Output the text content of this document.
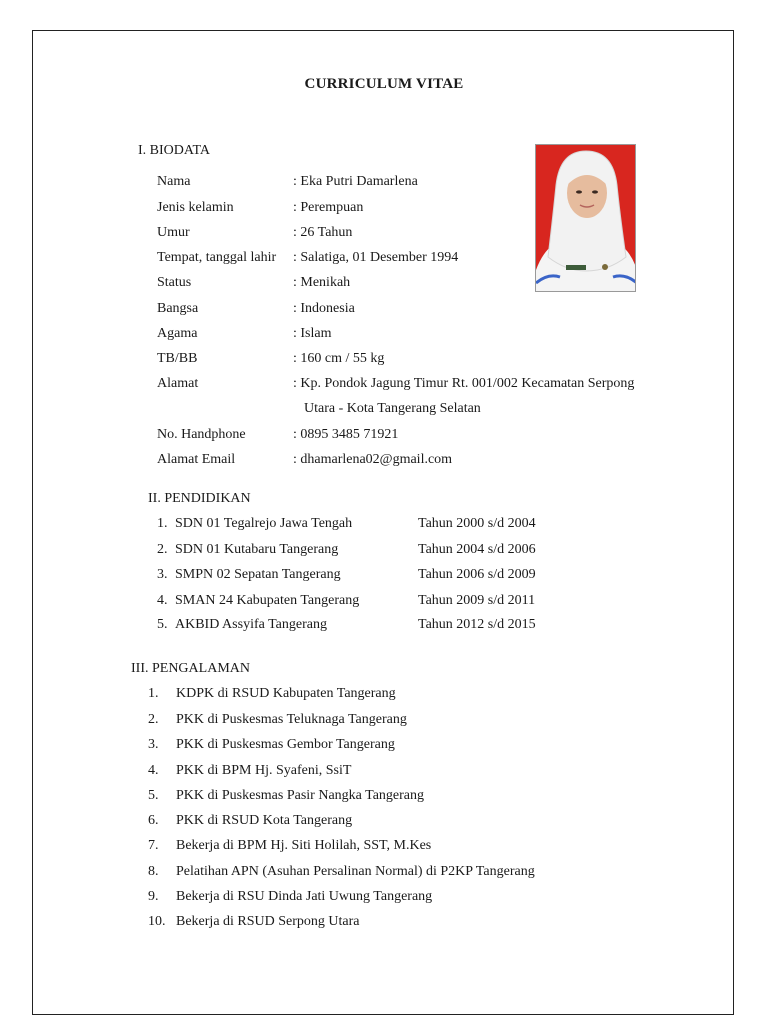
CURRICULUM VITAE
I. BIODATA
Nama	: Eka Putri Damarlena
Jenis kelamin	: Perempuan
Umur	: 26 Tahun
Tempat, tanggal lahir : Salatiga, 01 Desember 1994
Status	: Menikah
Bangsa	: Indonesia
Agama	: Islam
TB/BB	: 160 cm / 55 kg
Alamat	: Kp. Pondok Jagung Timur Rt. 001/002 Kecamatan Serpong
Utara - Kota Tangerang Selatan
No. Handphone	: 0895 3485 71921
Alamat Email	: dhamarlena02@gmail.com
II. PENDIDIKAN
1. SDN 01 Tegalrejo Jawa Tengah	Tahun 2000 s/d 2004
2. SDN 01 Kutabaru Tangerang	Tahun 2004 s/d 2006
3. SMPN 02 Sepatan Tangerang	Tahun 2006 s/d 2009
4. SMAN 24 Kabupaten Tangerang	Tahun 2009 s/d 2011
5. AKBID Assyifa Tangerang	Tahun 2012 s/d 2015
III. PENGALAMAN
1. KDPK di RSUD Kabupaten Tangerang
2. PKK di Puskesmas Teluknaga Tangerang
3. PKK di Puskesmas Gembor Tangerang
4. PKK di BPM Hj. Syafeni, SsiT
5. PKK di Puskesmas Pasir Nangka Tangerang
6. PKK di RSUD Kota Tangerang
7. Bekerja di BPM Hj. Siti Holilah, SST, M.Kes
8. Pelatihan APN (Asuhan Persalinan Normal) di P2KP Tangerang
9. Bekerja di RSU Dinda Jati Uwung Tangerang
10. Bekerja di RSUD Serpong Utara
